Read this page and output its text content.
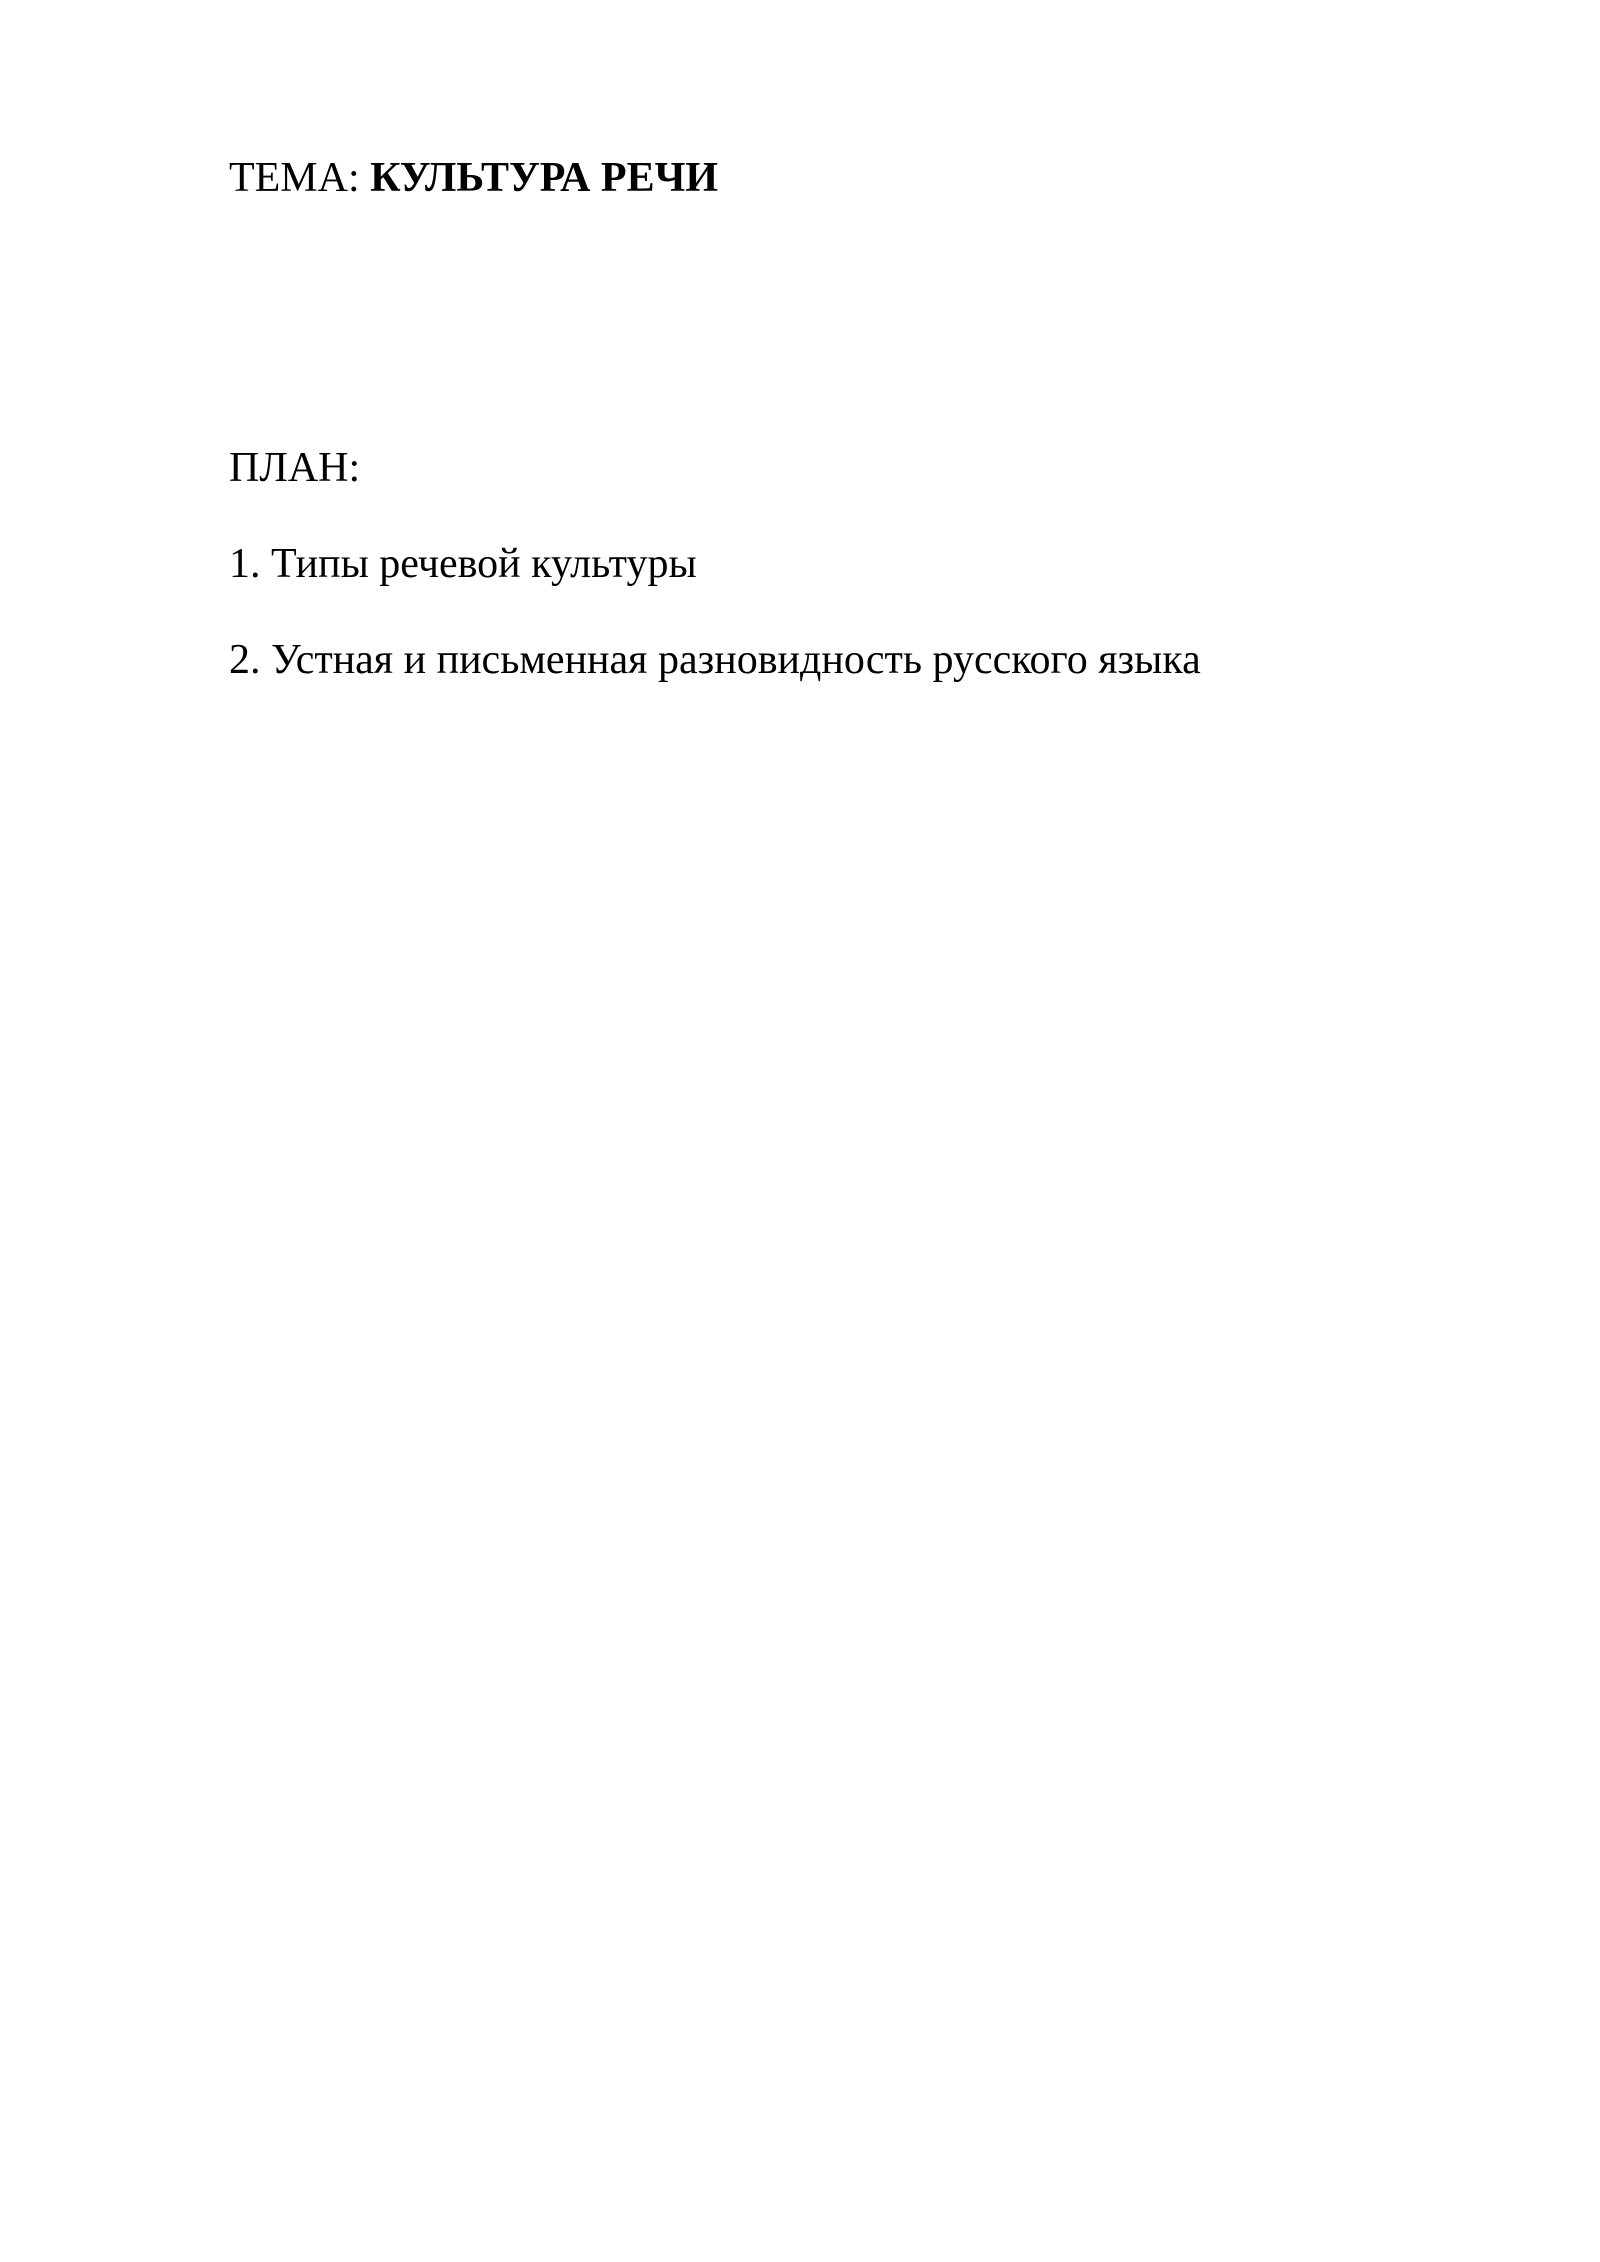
ТЕМА: КУЛЬТУРА РЕЧИ
ПЛАН:
1. Типы речевой культуры
2. Устная и письменная разновидность русского языка
